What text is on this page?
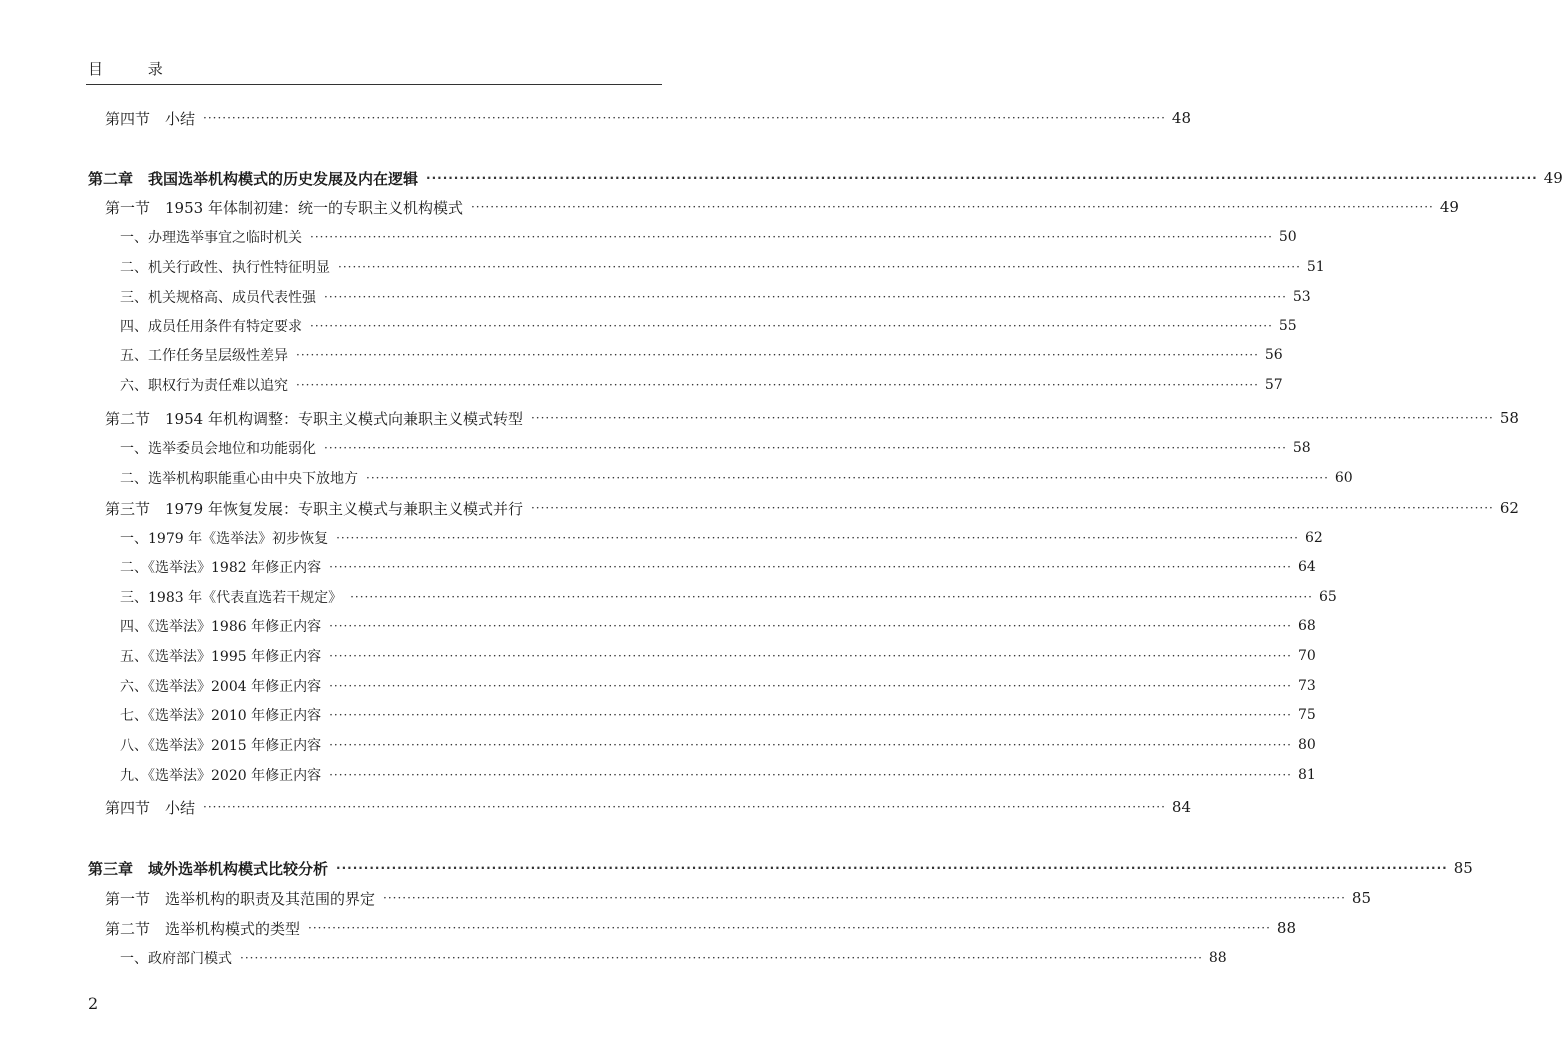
目 录
第四节　小结 ········································································································································································································ 48
第二章　我国选举机构模式的历史发展及内在逻辑 ········································································································································································································ 49
第一节　1953 年体制初建：统一的专职主义机构模式 ········································································································································································································ 49
一、办理选举事宜之临时机关 ········································································································································································································ 50
二、机关行政性、执行性特征明显 ········································································································································································································ 51
三、机关规格高、成员代表性强 ········································································································································································································ 53
四、成员任用条件有特定要求 ········································································································································································································ 55
五、工作任务呈层级性差异 ········································································································································································································ 56
六、职权行为责任难以追究 ········································································································································································································ 57
第二节　1954 年机构调整：专职主义模式向兼职主义模式转型 ········································································································································································································ 58
一、选举委员会地位和功能弱化 ········································································································································································································ 58
二、选举机构职能重心由中央下放地方 ········································································································································································································ 60
第三节　1979 年恢复发展：专职主义模式与兼职主义模式并行 ········································································································································································································ 62
一、1979 年《选举法》初步恢复 ········································································································································································································ 62
二、《选举法》1982 年修正内容 ········································································································································································································ 64
三、1983 年《代表直选若干规定》 ········································································································································································································ 65
四、《选举法》1986 年修正内容 ········································································································································································································ 68
五、《选举法》1995 年修正内容 ········································································································································································································ 70
六、《选举法》2004 年修正内容 ········································································································································································································ 73
七、《选举法》2010 年修正内容 ········································································································································································································ 75
八、《选举法》2015 年修正内容 ········································································································································································································ 80
九、《选举法》2020 年修正内容 ········································································································································································································ 81
第四节　小结 ········································································································································································································ 84
第三章　域外选举机构模式比较分析 ········································································································································································································ 85
第一节　选举机构的职责及其范围的界定 ········································································································································································································ 85
第二节　选举机构模式的类型 ········································································································································································································ 88
一、政府部门模式 ········································································································································································································ 88
2
